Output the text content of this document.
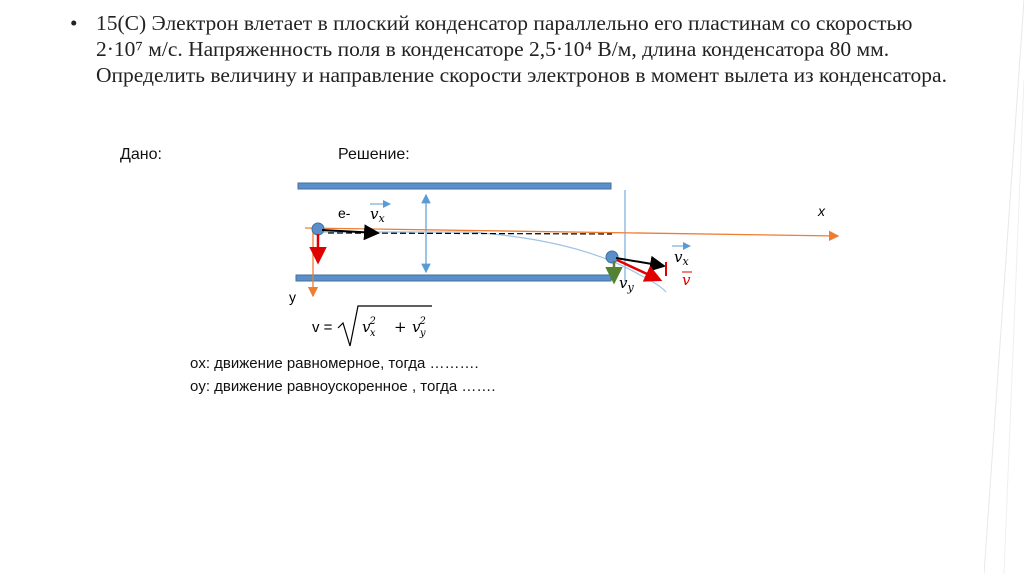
• 15(C) Электрон влетает в плоский конденсатор параллельно его пластинам со скоростью 2·10⁷ м/с. Напряженность поля в конденсаторе 2,5·10⁴ В/м, длина конденсатора 80 мм. Определить величину и направление скорости электронов в момент вылета из конденсатора.
Дано:	Решение:
e- $v_x$	x
y
$v_x$
$v_y$	v
v = v2 x + v2 y
ox: движение равномерное, тогда ……….
oy: движение равноускоренное , тогда …….
